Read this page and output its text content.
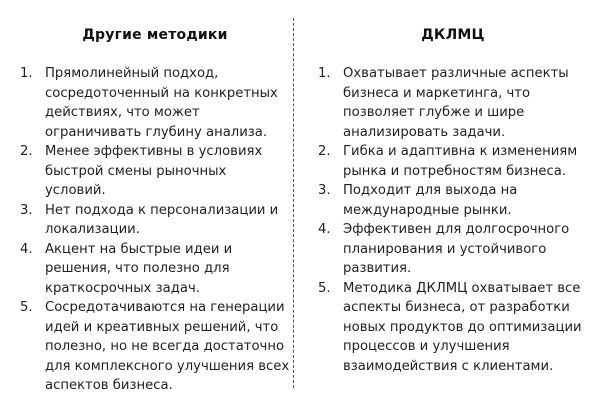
Другие методики
1. Прямолинейный подход, сосредоточенный на конкретных действиях, что может ограничивать глубину анализа.
2. Менее эффективны в условиях быстрой смены рыночных условий.
3. Нет подхода к персонализации и локализации.
4. Акцент на быстрые идеи и решения, что полезно для краткосрочных задач.
5. Сосредотачиваются на генерации идей и креативных решений, что полезно, но не всегда достаточно для комплексного улучшения всех аспектов бизнеса.
ДКЛМЦ
1. Охватывает различные аспекты бизнеса и маркетинга, что позволяет глубже и шире анализировать задачи.
2. Гибка и адаптивна к изменениям рынка и потребностям бизнеса.
3. Подходит для выхода на международные рынки.
4. Эффективен для долгосрочного планирования и устойчивого развития.
5. Методика ДКЛМЦ охватывает все аспекты бизнеса, от разработки новых продуктов до оптимизации процессов и улучшения взаимодействия с клиентами.
